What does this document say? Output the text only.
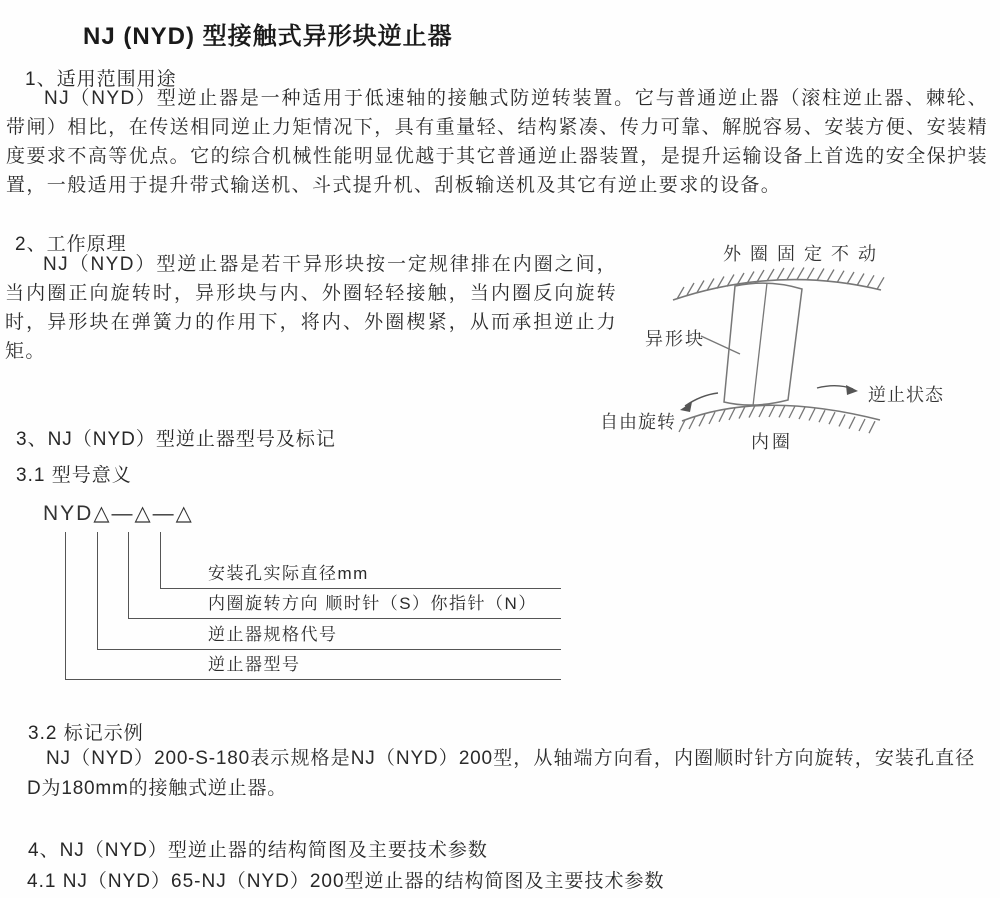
NJ (NYD) 型接触式异形块逆止器
1、适用范围用途

NJ（NYD）型逆止器是一种适用于低速轴的接触式防逆转装置。它与普通逆止器（滚柱逆止器、棘轮、带闸）相比，在传送相同逆止力矩情况下，具有重量轻、结构紧凑、传力可靠、解脱容易、安装方便、安装精度要求不高等优点。它的综合机械性能明显优越于其它普通逆止器装置，是提升运输设备上首选的安全保护装置，一般适用于提升带式输送机、斗式提升机、刮板输送机及其它有逆止要求的设备。

2、工作原理

NJ（NYD）型逆止器是若干异形块按一定规律排在内圈之间，当内圈正向旋转时，异形块与内、外圈轻轻接触，当内圈反向旋转时，异形块在弹簧力的作用下，将内、外圈楔紧，从而承担逆止力矩。

外圈固定不动
异形块
自由旋转
逆止状态
内圈
3、NJ（NYD）型逆止器型号及标记
3.1 型号意义
NYD△—△—△
安装孔实际直径mm
内圈旋转方向 顺时针（S）你指针（N）
逆止器规格代号
逆止器型号
3.2 标记示例

NJ（NYD）200-S-180表示规格是NJ（NYD）200型，从轴端方向看，内圈顺时针方向旋转，安装孔直径D为180mm的接触式逆止器。

4、NJ（NYD）型逆止器的结构简图及主要技术参数
4.1 NJ（NYD）65-NJ（NYD）200型逆止器的结构简图及主要技术参数
